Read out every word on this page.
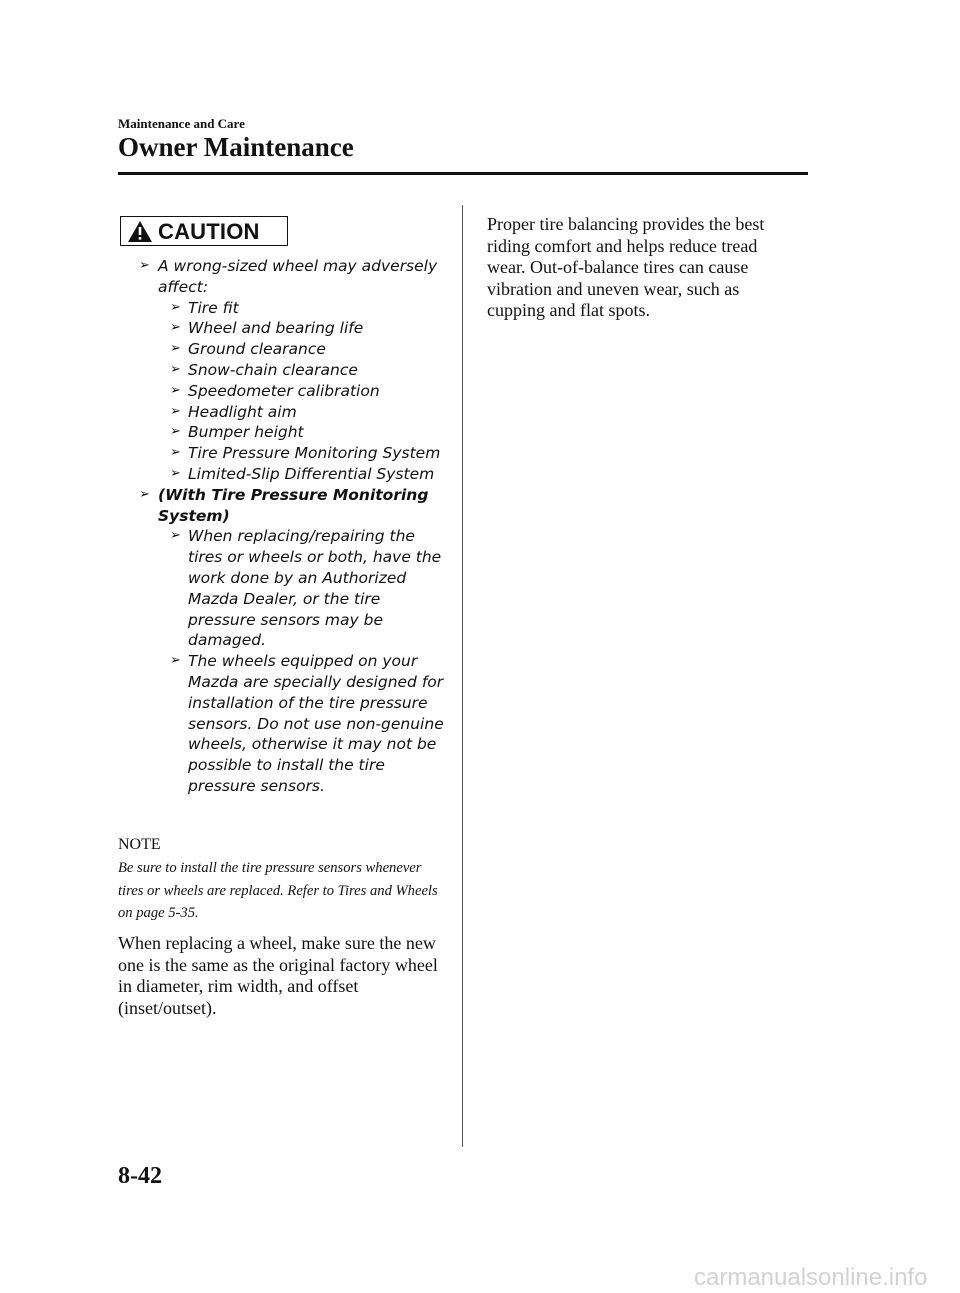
Maintenance and Care
Owner Maintenance
CAUTION
➢ A wrong-sized wheel may adversely affect:
➢ Tire fit
➢ Wheel and bearing life
➢ Ground clearance
➢ Snow-chain clearance
➢ Speedometer calibration
➢ Headlight aim
➢ Bumper height
➢ Tire Pressure Monitoring System
➢ Limited-Slip Differential System
➢ (With Tire Pressure Monitoring System)
➢ When replacing/repairing the tires or wheels or both, have the work done by an Authorized Mazda Dealer, or the tire pressure sensors may be damaged.
➢ The wheels equipped on your Mazda are specially designed for installation of the tire pressure sensors. Do not use non-genuine wheels, otherwise it may not be possible to install the tire pressure sensors.
NOTE
Be sure to install the tire pressure sensors whenever tires or wheels are replaced. Refer to Tires and Wheels on page 5-35.
When replacing a wheel, make sure the new one is the same as the original factory wheel in diameter, rim width, and offset (inset/outset).
Proper tire balancing provides the best riding comfort and helps reduce tread wear. Out-of-balance tires can cause vibration and uneven wear, such as cupping and flat spots.
8-42
carmanualsonline.info
